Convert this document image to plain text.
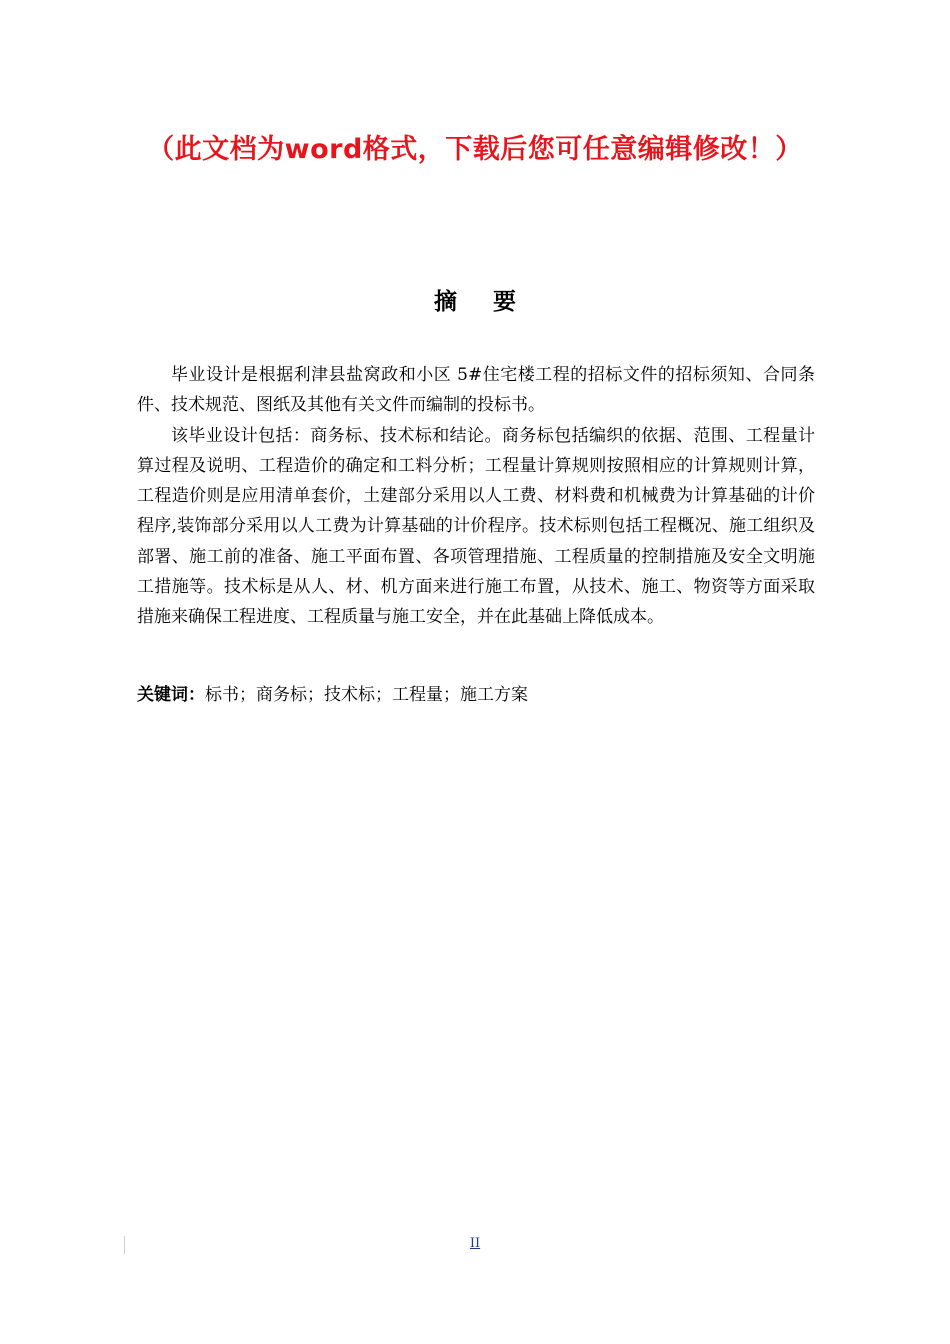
（此文档为word格式，下载后您可任意编辑修改！）
摘 要

毕业设计是根据利津县盐窝政和小区 5#住宅楼工程的招标文件的招标须知、合同条件、技术规范、图纸及其他有关文件而编制的投标书。

该毕业设计包括：商务标、技术标和结论。商务标包括编织的依据、范围、工程量计算过程及说明、工程造价的确定和工料分析；工程量计算规则按照相应的计算规则计算，工程造价则是应用清单套价，土建部分采用以人工费、材料费和机械费为计算基础的计价程序,装饰部分采用以人工费为计算基础的计价程序。技术标则包括工程概况、施工组织及部署、施工前的准备、施工平面布置、各项管理措施、工程质量的控制措施及安全文明施工措施等。技术标是从人、材、机方面来进行施工布置，从技术、施工、物资等方面采取措施来确保工程进度、工程质量与施工安全，并在此基础上降低成本。

关键词：标书；商务标；技术标；工程量；施工方案
II
